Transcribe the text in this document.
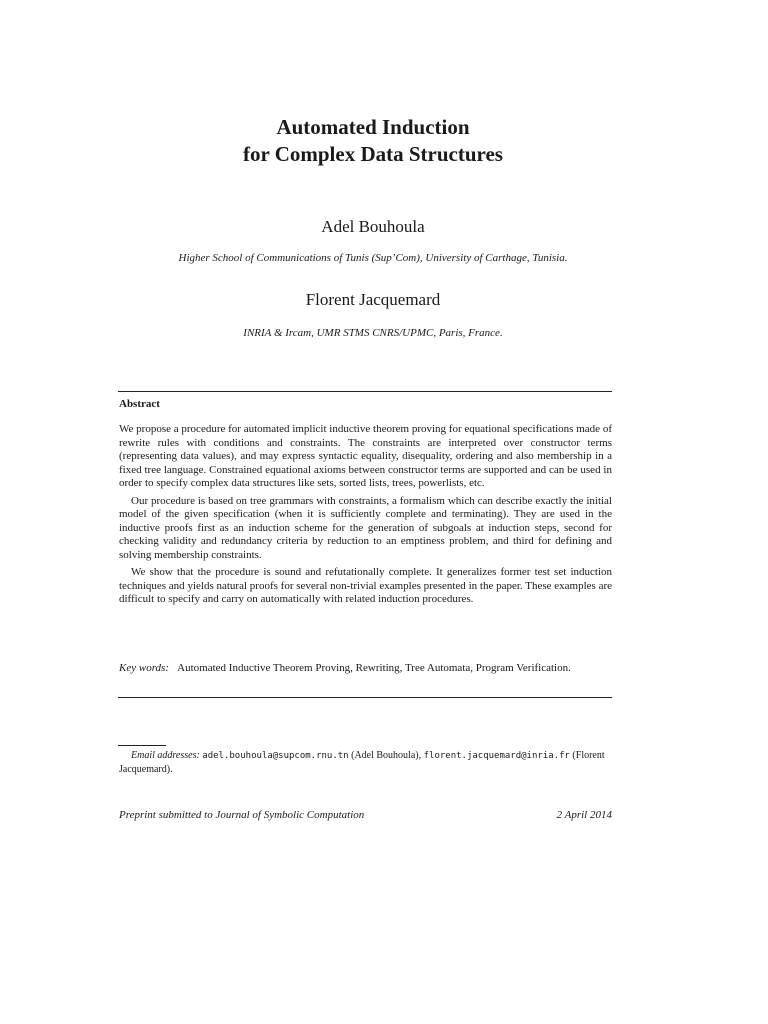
Automated Induction
for Complex Data Structures
Adel Bouhoula
Higher School of Communications of Tunis (Sup’Com), University of Carthage, Tunisia.
Florent Jacquemard
INRIA & Ircam, UMR STMS CNRS/UPMC, Paris, France.
Abstract

We propose a procedure for automated implicit inductive theorem proving for equational specifications made of rewrite rules with conditions and constraints. The constraints are interpreted over constructor terms (representing data values), and may express syntactic equality, disequality, ordering and also membership in a fixed tree language. Constrained equational axioms between constructor terms are supported and can be used in order to specify complex data structures like sets, sorted lists, trees, powerlists, etc.

Our procedure is based on tree grammars with constraints, a formalism which can describe exactly the initial model of the given specification (when it is sufficiently complete and terminating). They are used in the inductive proofs first as an induction scheme for the generation of subgoals at induction steps, second for checking validity and redundancy criteria by reduction to an emptiness problem, and third for defining and solving membership constraints.

We show that the procedure is sound and refutationally complete. It generalizes former test set induction techniques and yields natural proofs for several non-trivial examples presented in the paper. These examples are difficult to specify and carry on automatically with related induction procedures.

Key words: Automated Inductive Theorem Proving, Rewriting, Tree Automata, Program Verification.
Email addresses: adel.bouhoula@supcom.rnu.tn (Adel Bouhoula), florent.jacquemard@inria.fr (Florent Jacquemard).
Preprint submitted to Journal of Symbolic Computation	2 April 2014
